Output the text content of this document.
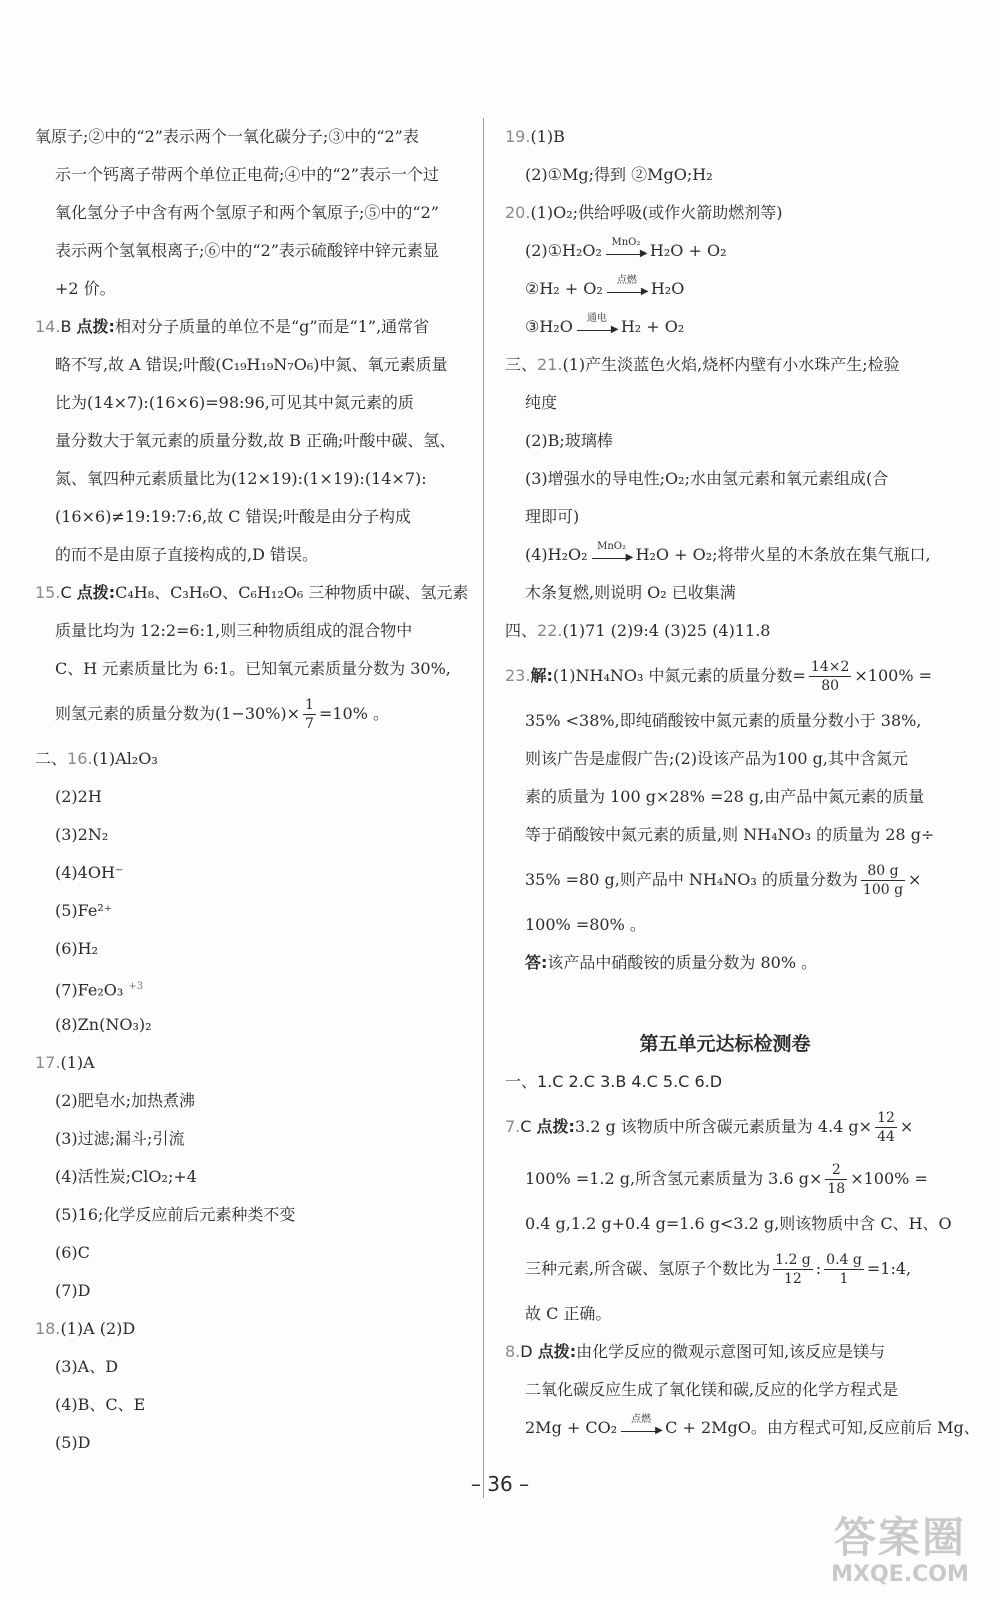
氧原子;②中的“2”表示两个一氧化碳分子;③中的“2”表
示一个钙离子带两个单位正电荷;④中的“2”表示一个过
氧化氢分子中含有两个氢原子和两个氧原子;⑤中的“2”
表示两个氢氧根离子;⑥中的“2”表示硫酸锌中锌元素显
+2 价。
14.B 点拨:相对分子质量的单位不是“g”而是“1”,通常省
略不写,故 A 错误;叶酸(C₁₉H₁₉N₇O₆)中氮、氧元素质量
比为(14×7):(16×6)=98:96,可见其中氮元素的质
量分数大于氧元素的质量分数,故 B 正确;叶酸中碳、氢、
氮、氧四种元素质量比为(12×19):(1×19):(14×7):
(16×6)≠19:19:7:6,故 C 错误;叶酸是由分子构成
的而不是由原子直接构成的,D 错误。
15.C 点拨:C₄H₈、C₃H₆O、C₆H₁₂O₆ 三种物质中碳、氢元素
质量比均为 12:2=6:1,则三种物质组成的混合物中
C、H 元素质量比为 6:1。已知氧元素质量分数为 30%,
则氢元素的质量分数为$(1-30\%)\times \frac{1}{7} =10\%$ 。
二、16.(1)Al₂O₃
(2)2H
(3)2N₂
(4)4OH⁻
(5)Fe²⁺
(6)H₂
(7)Fe₂O₃ $^{+3}$
(8)Zn(NO₃)₂
17.(1)A
(2)肥皂水;加热煮沸
(3)过滤;漏斗;引流
(4)活性炭;ClO₂;+4
(5)16;化学反应前后元素种类不变
(6)C
(7)D
18.(1)A (2)D
(3)A、D
(4)B、C、E
(5)D
19.(1)B
(2)①Mg;得到 ②MgO;H₂
20.(1)O₂;供给呼吸(或作火箭助燃剂等)
(2)①H₂O₂ MnO₂
▶ H₂O + O₂
②H₂ + O₂	点燃
▶ H₂O
③H₂O	通电
▶ H₂ + O₂
三、21.(1)产生淡蓝色火焰,烧杯内壁有小水珠产生;检验
纯度
(2)B;玻璃棒
(3)增强水的导电性;O₂;水由氢元素和氧元素组成(合
理即可)
(4)H₂O₂ MnO₂
▶ H₂O + O₂;将带火星的木条放在集气瓶口,
木条复燃,则说明 O₂ 已收集满
四、22.(1)71 (2)9:4 (3)25 (4)11.8
23.解:(1)NH₄NO₃ 中氮元素的质量分数= $\frac{14\times 2}{80} \times 100\%$ =
35% <38%,即纯硝酸铵中氮元素的质量分数小于 38%,
则该广告是虚假广告;(2)设该产品为100 g,其中含氮元
素的质量为 100 g×28% =28 g,由产品中氮元素的质量
等于硝酸铵中氮元素的质量,则 NH₄NO₃ 的质量为 28 g÷
35% =80 g,则产品中 NH₄NO₃ 的质量分数为 $\frac{80 g}{100 g}$ ×
100% =80% 。
答:该产品中硝酸铵的质量分数为 80% 。
第五单元达标检测卷
一、1.C 2.C 3.B 4.C 5.C 6.D
7.C 点拨:3.2 g 该物质中所含碳元素质量为 4.4 $g\times \frac{12}{44}$ ×
100% =1.2 g,所含氢元素质量为 3.6 $g\times \frac{2}{18} \times 100\%$ =
0.4 g,1.2 g+0.4 g=1.6 g<3.2 g,则该物质中含 C、H、O
三种元素,所含碳、氢原子个数比为 $\frac{1.2 g}{12}$ : $\frac{0.4 g}{1}$ =1:4,
故 C 正确。
8.D 点拨:由化学反应的微观示意图可知,该反应是镁与
二氧化碳反应生成了氧化镁和碳,反应的化学方程式是
2Mg + CO₂	点燃
▶ C + 2MgO。由方程式可知,反应前后 Mg、
– 36 –
答案圈
MXQE.COM
